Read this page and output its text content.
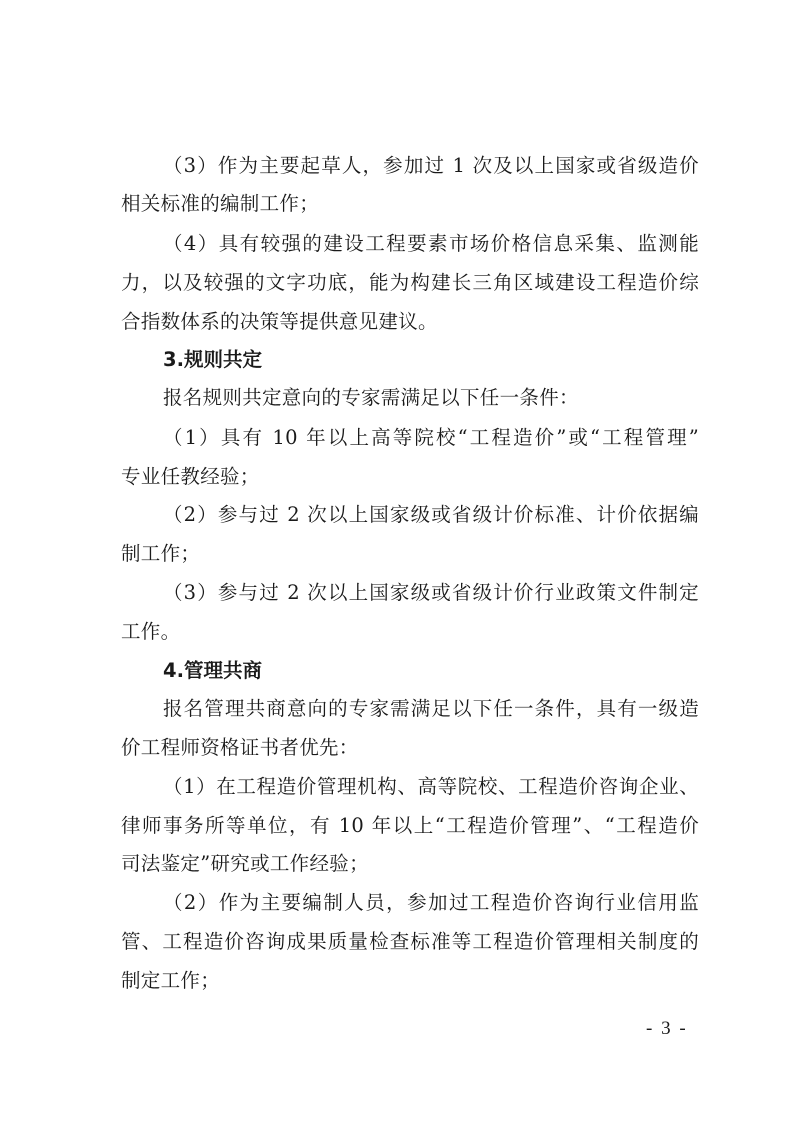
（3）作为主要起草人，参加过 1 次及以上国家或省级造价
相关标准的编制工作；
（4）具有较强的建设工程要素市场价格信息采集、监测能
力，以及较强的文字功底，能为构建长三角区域建设工程造价综
合指数体系的决策等提供意见建议。
3.规则共定
报名规则共定意向的专家需满足以下任一条件：
（1）具有 10 年以上高等院校“工程造价”或“工程管理”
专业任教经验；
（2）参与过 2 次以上国家级或省级计价标准、计价依据编
制工作；
（3）参与过 2 次以上国家级或省级计价行业政策文件制定
工作。
4.管理共商
报名管理共商意向的专家需满足以下任一条件，具有一级造
价工程师资格证书者优先：
（1）在工程造价管理机构、高等院校、工程造价咨询企业、
律师事务所等单位，有 10 年以上“工程造价管理”、“工程造价
司法鉴定”研究或工作经验；
（2）作为主要编制人员，参加过工程造价咨询行业信用监
管、工程造价咨询成果质量检查标准等工程造价管理相关制度的
制定工作；
- 3 -
